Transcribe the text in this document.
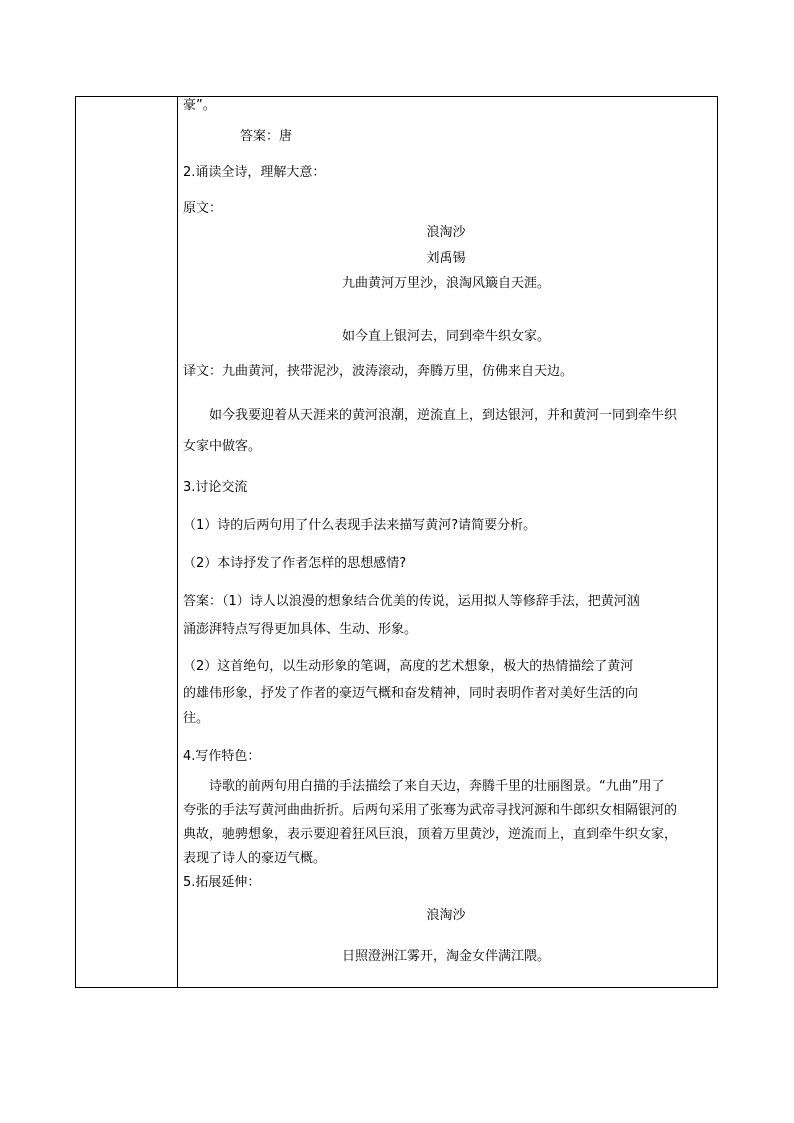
豪”。
答案：唐
2.诵读全诗，理解大意：
原文：
浪淘沙
刘禹锡
九曲黄河万里沙，浪淘风簸自天涯。
如今直上银河去，同到牵牛织女家。
译文：九曲黄河，挟带泥沙，波涛滚动，奔腾万里，仿佛来自天边。
如今我要迎着从天涯来的黄河浪潮，逆流直上，到达银河，并和黄河一同到牵牛织
女家中做客。
3.讨论交流
（1）诗的后两句用了什么表现手法来描写黄河?请简要分析。
（2）本诗抒发了作者怎样的思想感情?
答案：（1）诗人以浪漫的想象结合优美的传说，运用拟人等修辞手法，把黄河汹
涌澎湃特点写得更加具体、生动、形象。
（2）这首绝句，以生动形象的笔调，高度的艺术想象，极大的热情描绘了黄河
的雄伟形象，抒发了作者的豪迈气概和奋发精神，同时表明作者对美好生活的向
往。
4.写作特色：
诗歌的前两句用白描的手法描绘了来自天边，奔腾千里的壮丽图景。“九曲”用了
夸张的手法写黄河曲曲折折。后两句采用了张骞为武帝寻找河源和牛郎织女相隔银河的
典故，驰骋想象，表示要迎着狂风巨浪，顶着万里黄沙，逆流而上，直到牵牛织女家，
表现了诗人的豪迈气概。
5.拓展延伸：
浪淘沙
日照澄洲江雾开，淘金女伴满江隈。
